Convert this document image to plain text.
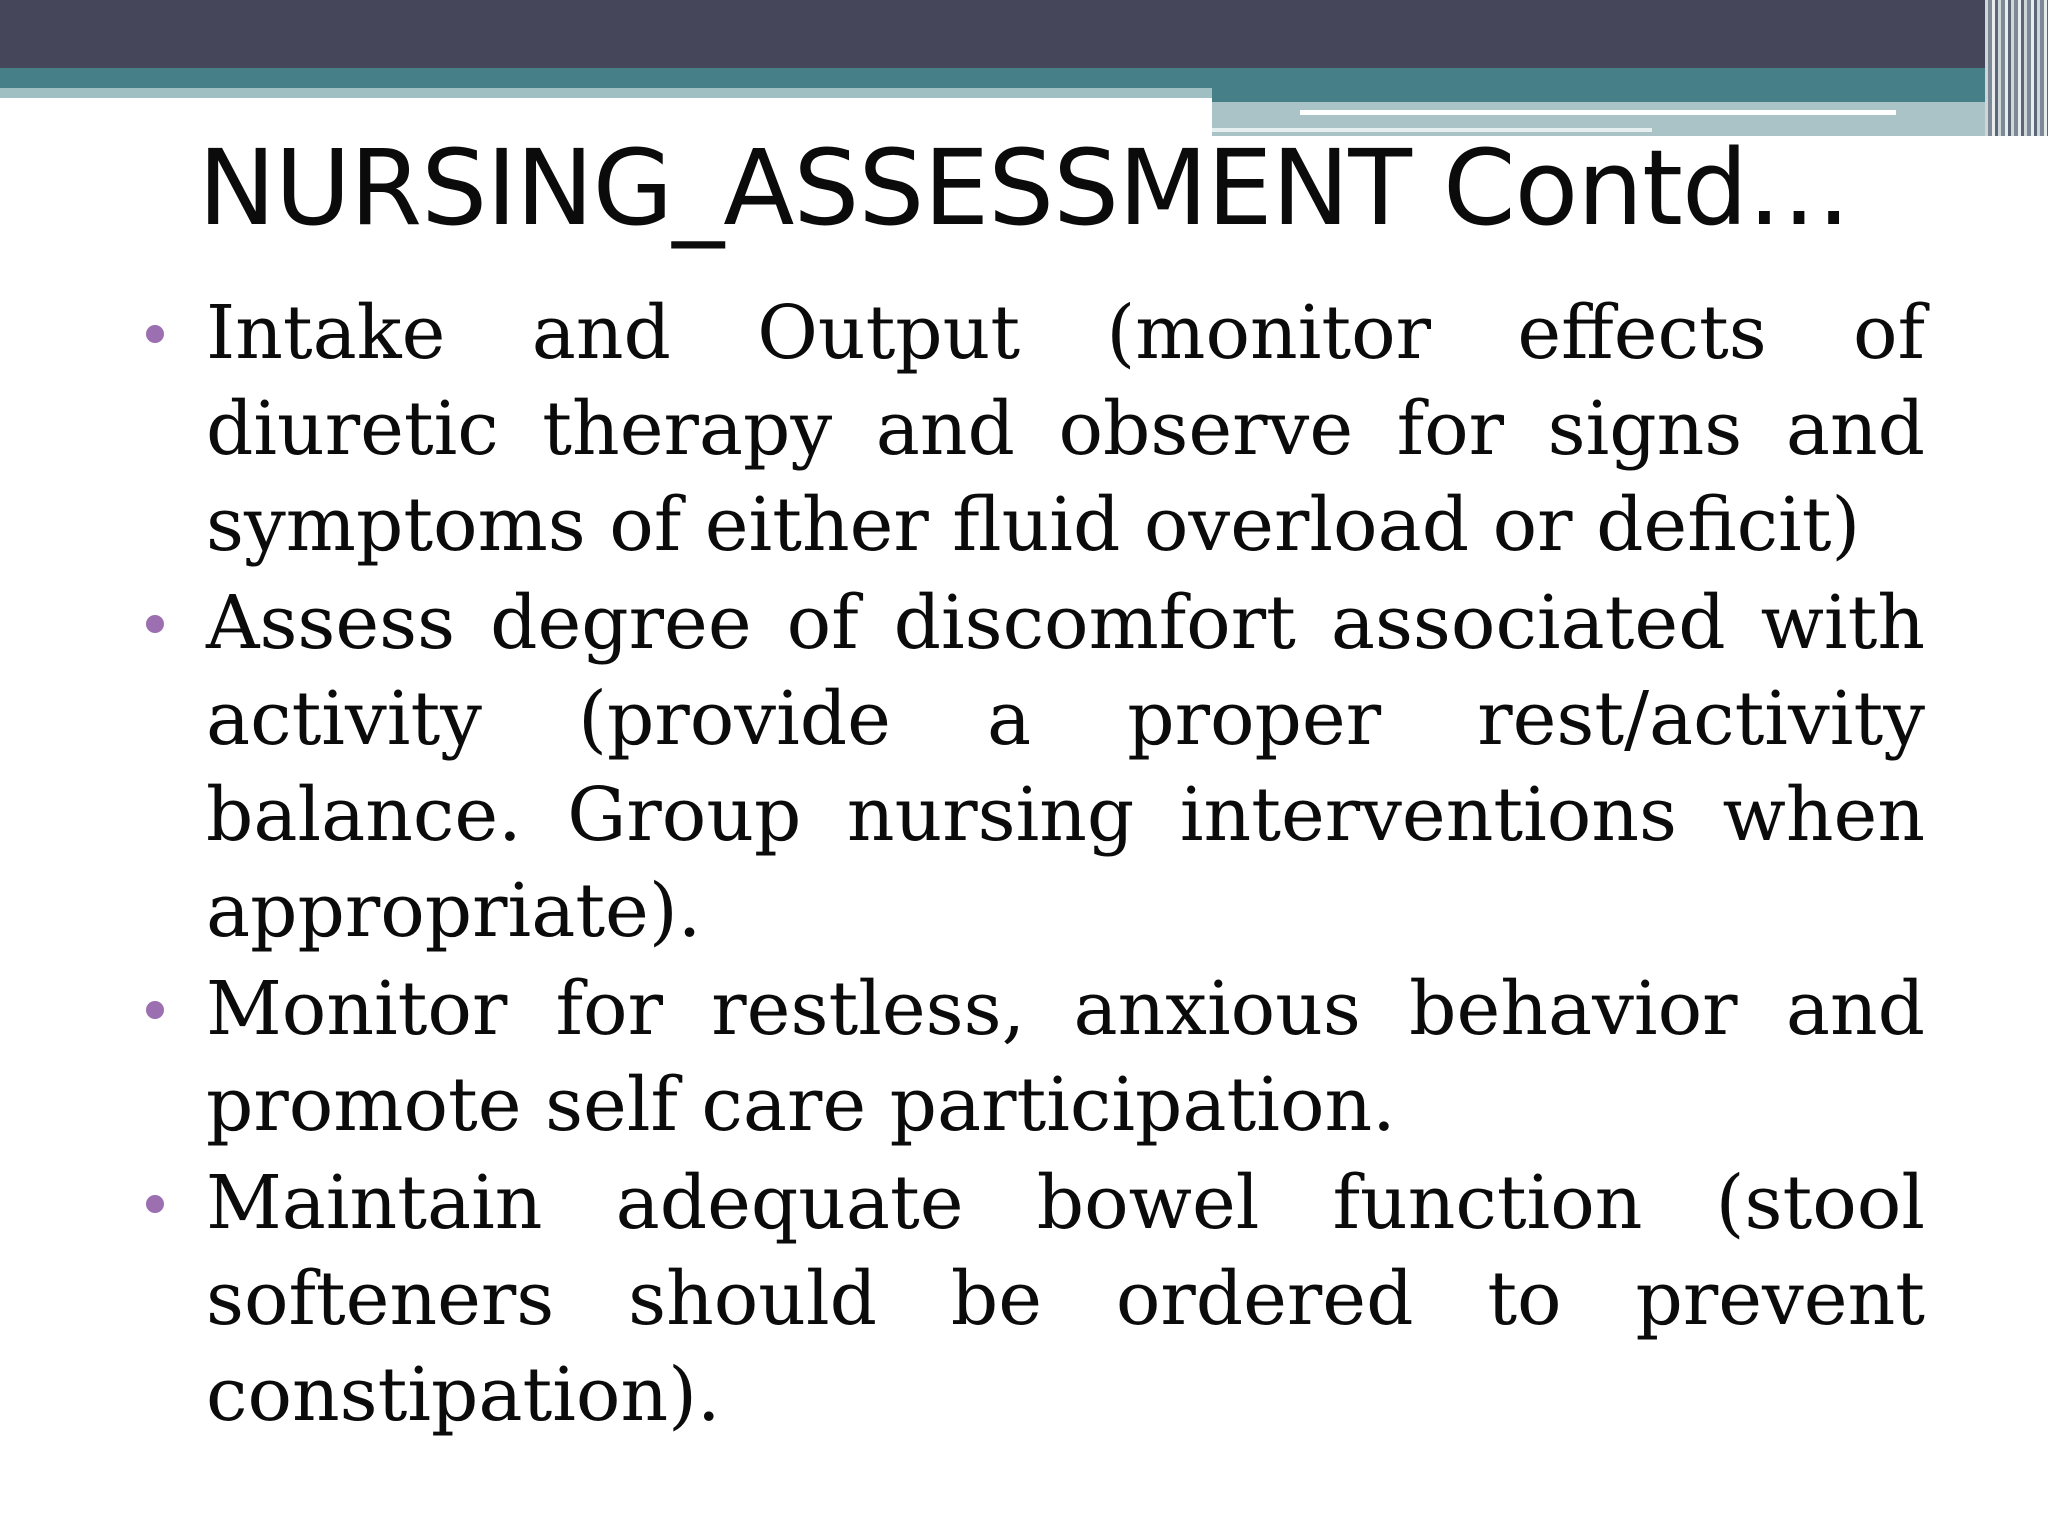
NURSING_ASSESSMENT Contd…
Intake and Output (monitor effects of diuretic therapy and observe for signs and symptoms of either fluid overload or deficit)
Assess degree of discomfort associated with activity (provide a proper rest/activity balance. Group nursing interventions when appropriate).
Monitor for restless, anxious behavior and promote self care participation.
Maintain adequate bowel function (stool softeners should be ordered to prevent constipation).
